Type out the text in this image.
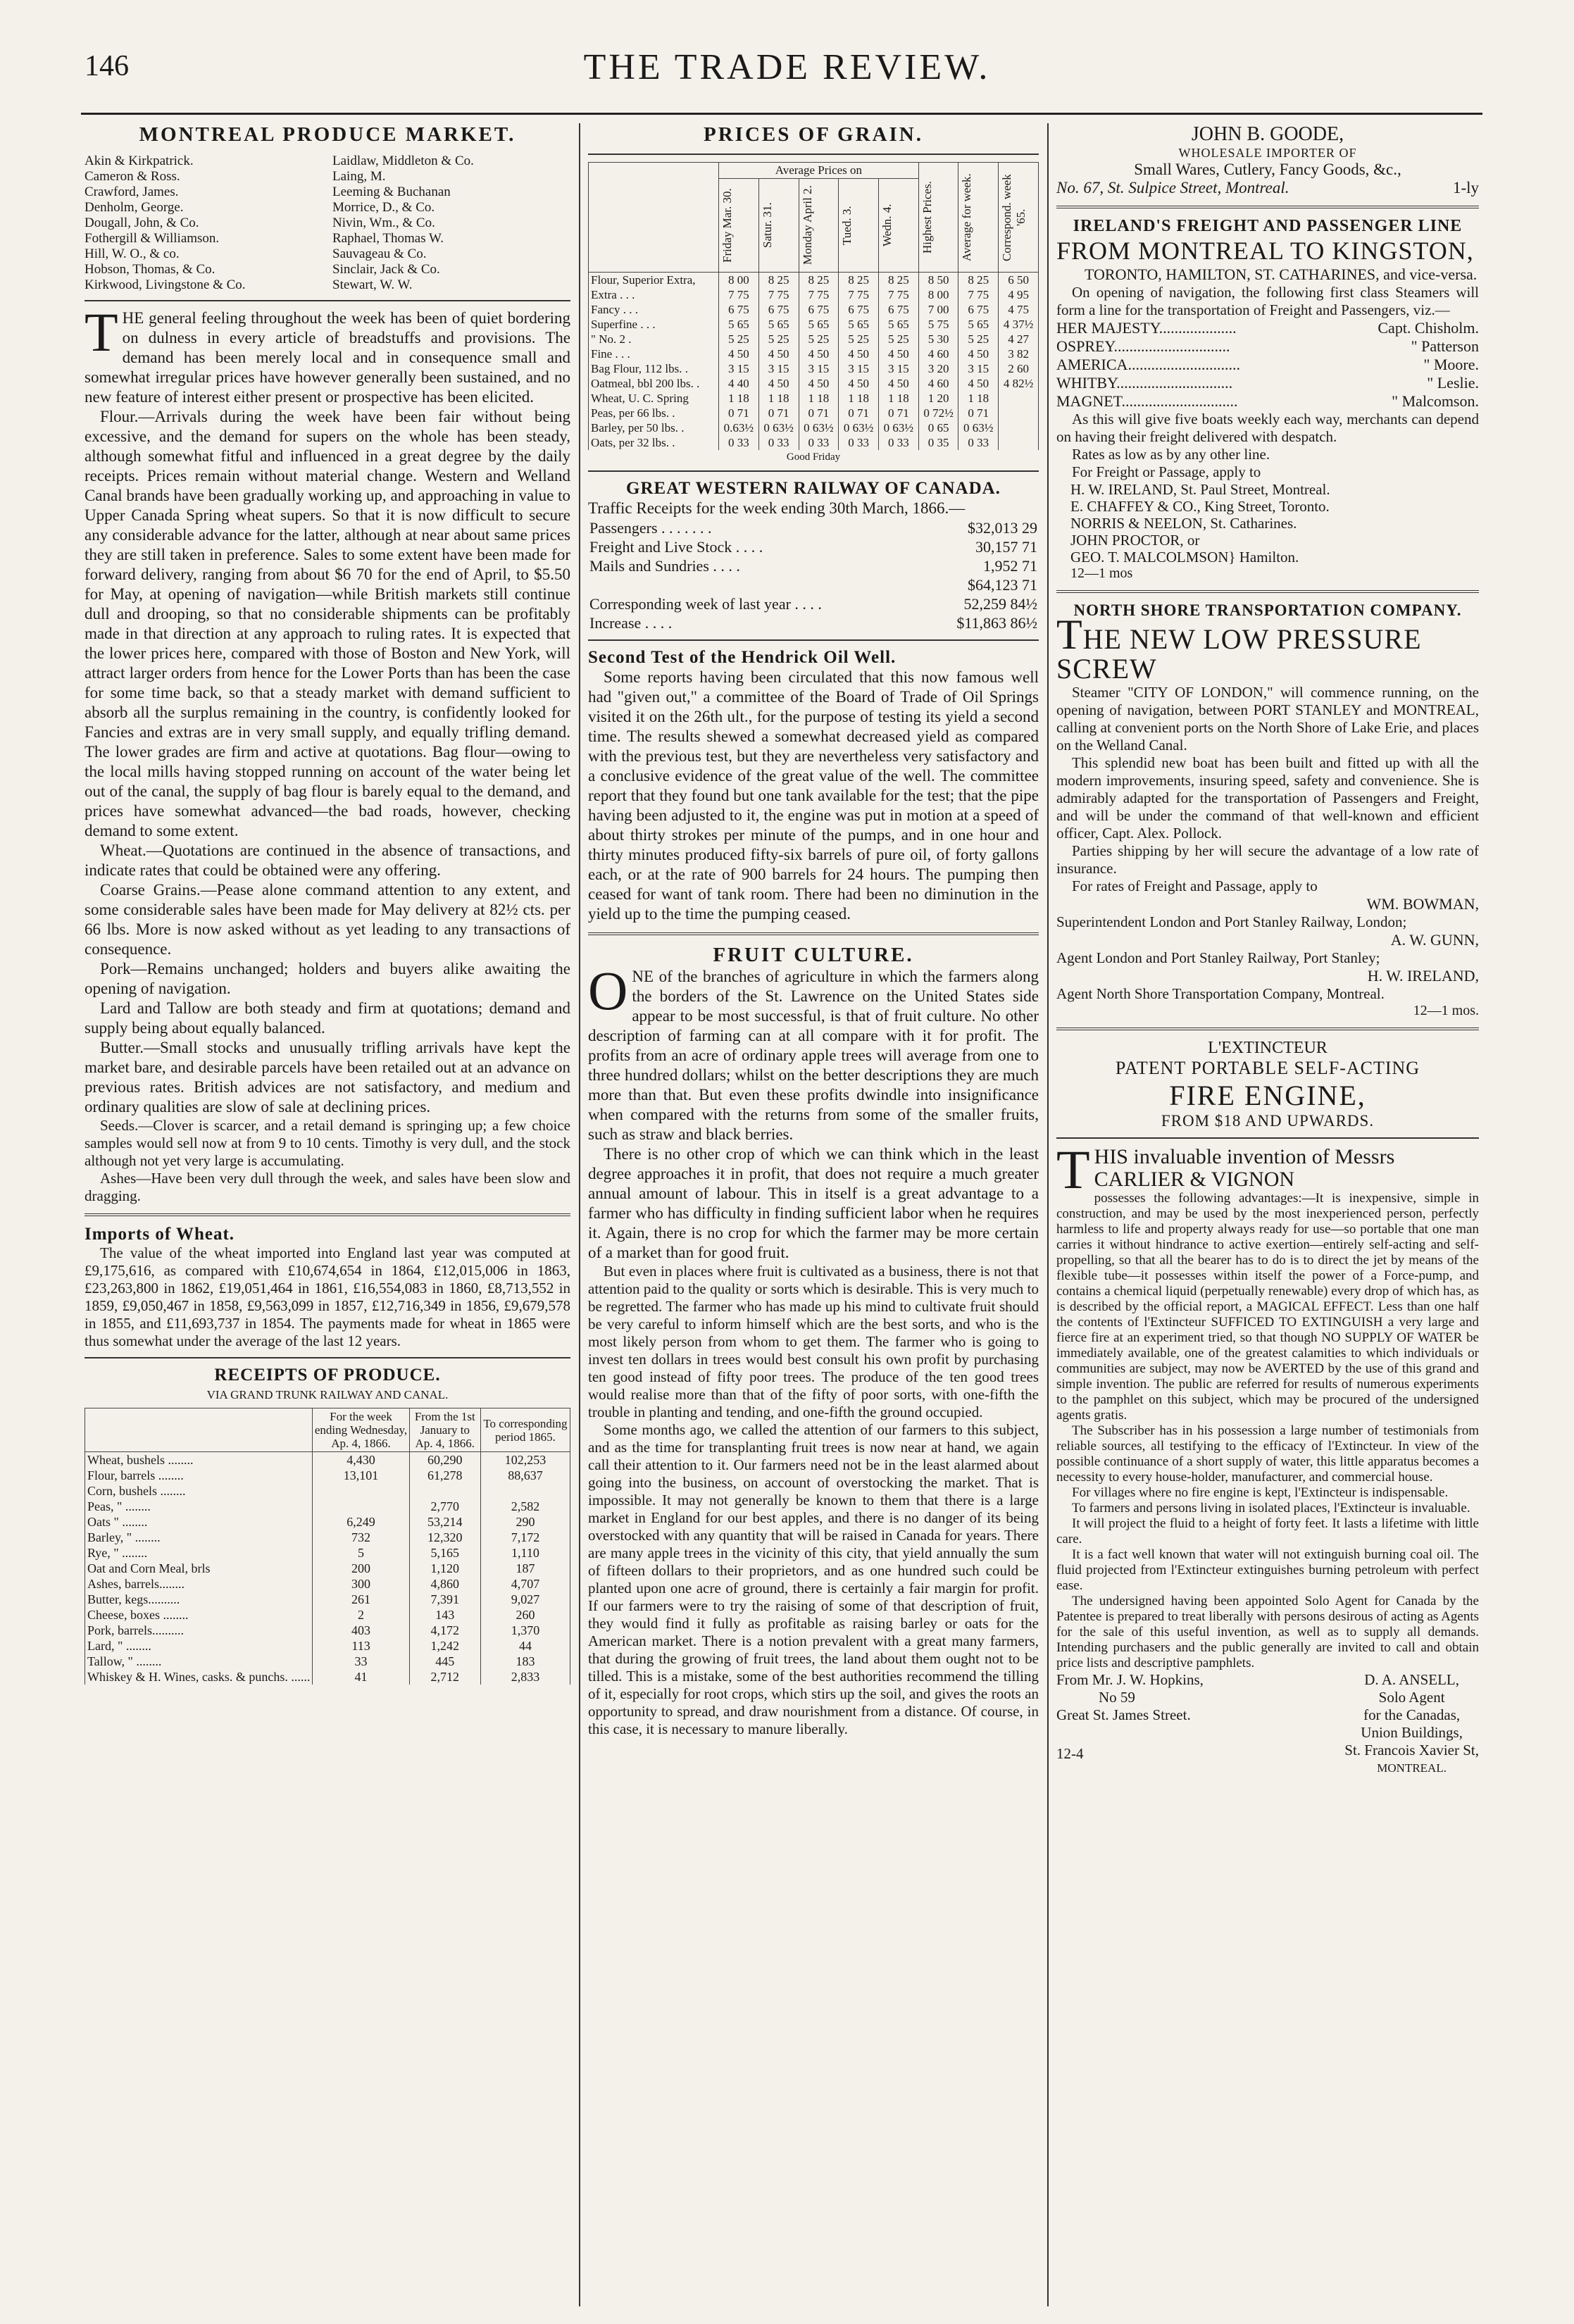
146	THE TRADE REVIEW.
MONTREAL PRODUCE MARKET.
Akin & Kirkpatrick.
Cameron & Ross.
Crawford, James.
Denholm, George.
Dougall, John, & Co.
Fothergill & Williamson.
Hill, W. O., & co.
Hobson, Thomas, & Co.
Kirkwood, Livingstone & Co.
Laidlaw, Middleton & Co.
Laing, M.
Leeming & Buchanan
Morrice, D., & Co.
Nivin, Wm., & Co.
Raphael, Thomas W.
Sauvageau & Co.
Sinclair, Jack & Co.
Stewart, W. W.

THE general feeling throughout the week has been of quiet bordering on dulness in every article of breadstuffs and provisions. The demand has been merely local and in consequence small and somewhat irregular prices have however generally been sustained, and no new feature of interest either present or prospective has been elicited.

Flour.—Arrivals during the week have been fair without being excessive, and the demand for supers on the whole has been steady, although somewhat fitful and influenced in a great degree by the daily receipts. Prices remain without material change. Western and Welland Canal brands have been gradually working up, and approaching in value to Upper Canada Spring wheat supers. So that it is now difficult to secure any considerable advance for the latter, although at near about same prices they are still taken in preference. Sales to some extent have been made for forward delivery, ranging from about $6 70 for the end of April, to $5.50 for May, at opening of navigation—while British markets still continue dull and drooping, so that no considerable shipments can be profitably made in that direction at any approach to ruling rates. It is expected that the lower prices here, compared with those of Boston and New York, will attract larger orders from hence for the Lower Ports than has been the case for some time back, so that a steady market with demand sufficient to absorb all the surplus remaining in the country, is confidently looked for Fancies and extras are in very small supply, and equally trifling demand. The lower grades are firm and active at quotations. Bag flour—owing to the local mills having stopped running on account of the water being let out of the canal, the supply of bag flour is barely equal to the demand, and prices have somewhat advanced—the bad roads, however, checking demand to some extent.

Wheat.—Quotations are continued in the absence of transactions, and indicate rates that could be obtained were any offering.

Coarse Grains.—Pease alone command attention to any extent, and some considerable sales have been made for May delivery at 82½ cts. per 66 lbs. More is now asked without as yet leading to any transactions of consequence.

Pork—Remains unchanged; holders and buyers alike awaiting the opening of navigation.

Lard and Tallow are both steady and firm at quotations; demand and supply being about equally balanced.

Butter.—Small stocks and unusually trifling arrivals have kept the market bare, and desirable parcels have been retailed out at an advance on previous rates. British advices are not satisfactory, and medium and ordinary qualities are slow of sale at declining prices.

Seeds.—Clover is scarcer, and a retail demand is springing up; a few choice samples would sell now at from 9 to 10 cents. Timothy is very dull, and the stock although not yet very large is accumulating.

Ashes—Have been very dull through the week, and sales have been slow and dragging.

Imports of Wheat.

The value of the wheat imported into England last year was computed at £9,175,616, as compared with £10,674,654 in 1864, £12,015,006 in 1863, £23,263,800 in 1862, £19,051,464 in 1861, £16,554,083 in 1860, £8,713,552 in 1859, £9,050,467 in 1858, £9,563,099 in 1857, £12,716,349 in 1856, £9,679,578 in 1855, and £11,693,737 in 1854. The payments made for wheat in 1865 were thus somewhat under the average of the last 12 years.

RECEIPTS OF PRODUCE.
VIA GRAND TRUNK RAILWAY AND CANAL.
	For the week ending Wednesday, Ap. 4, 1866.	From the 1st January to Ap. 4, 1866.	To corresponding period 1865.
Wheat, bushels ........	4,430	60,290	102,253
Flour, barrels ........	13,101	61,278	88,637
Corn, bushels ........			
Peas, " ........		2,770	2,582
Oats " ........	6,249	53,214	290
Barley, " ........	732	12,320	7,172
Rye, " ........	5	5,165	1,110
Oat and Corn Meal, brls	200	1,120	187
Ashes, barrels........	300	4,860	4,707
Butter, kegs..........	261	7,391	9,027
Cheese, boxes ........	2	143	260
Pork, barrels..........	403	4,172	1,370
Lard, " ........	113	1,242	44
Tallow, " ........	33	445	183
Whiskey & H. Wines, casks. & punchs. ......	41	2,712	2,833
PRICES OF GRAIN.
	Average Prices on					Highest Prices.	Average for week.	Correspond. week '65.

	Friday Mar. 30.	Satur. 31.	Monday April 2.	Tued. 3.	Wedn. 4.			

Flour, Superior Extra,	8 00	8 25	8 25	8 25	8 25	8 50	8 25	6 50
Extra . . .	7 75	7 75	7 75	7 75	7 75	8 00	7 75	4 95
Fancy . . .	6 75	6 75	6 75	6 75	6 75	7 00	6 75	4 75
Superfine . . .	5 65	5 65	5 65	5 65	5 65	5 75	5 65	4 37½
" No. 2 .	5 25	5 25	5 25	5 25	5 25	5 30	5 25	4 27
Fine . . .	4 50	4 50	4 50	4 50	4 50	4 60	4 50	3 82
Bag Flour, 112 lbs. .	3 15	3 15	3 15	3 15	3 15	3 20	3 15	2 60
Oatmeal, bbl 200 lbs. .	4 40	4 50	4 50	4 50	4 50	4 60	4 50	4 82½
Wheat, U. C. Spring	1 18	1 18	1 18	1 18	1 18	1 20	1 18	
Peas, per 66 lbs. .	0 71	0 71	0 71	0 71	0 71	0 72½	0 71	
Barley, per 50 lbs. .	0.63½	0 63½	0 63½	0 63½	0 63½	0 65	0 63½	
Oats, per 32 lbs. .	0 33	0 33	0 33	0 33	0 33	0 35	0 33	
Good Friday
GREAT WESTERN RAILWAY OF CANADA.

Traffic Receipts for the week ending 30th March, 1866.—

Passengers . . . . . . .	$32,013 29
Freight and Live Stock . . . .	30,157 71
Mails and Sundries . . . .	1,952 71
	$64,123 71
Corresponding week of last year . . . .	52,259 84½
Increase . . . .	$11,863 86½
Second Test of the Hendrick Oil Well.

Some reports having been circulated that this now famous well had "given out," a committee of the Board of Trade of Oil Springs visited it on the 26th ult., for the purpose of testing its yield a second time. The results shewed a somewhat decreased yield as compared with the previous test, but they are nevertheless very satisfactory and a conclusive evidence of the great value of the well. The committee report that they found but one tank available for the test; that the pipe having been adjusted to it, the engine was put in motion at a speed of about thirty strokes per minute of the pumps, and in one hour and thirty minutes produced fifty-six barrels of pure oil, of forty gallons each, or at the rate of 900 barrels for 24 hours. The pumping then ceased for want of tank room. There had been no diminution in the yield up to the time the pumping ceased.

FRUIT CULTURE.

ONE of the branches of agriculture in which the farmers along the borders of the St. Lawrence on the United States side appear to be most successful, is that of fruit culture. No other description of farming can at all compare with it for profit. The profits from an acre of ordinary apple trees will average from one to three hundred dollars; whilst on the better descriptions they are much more than that. But even these profits dwindle into insignificance when compared with the returns from some of the smaller fruits, such as straw and black berries.

There is no other crop of which we can think which in the least degree approaches it in profit, that does not require a much greater annual amount of labour. This in itself is a great advantage to a farmer who has difficulty in finding sufficient labor when he requires it. Again, there is no crop for which the farmer may be more certain of a market than for good fruit.

But even in places where fruit is cultivated as a business, there is not that attention paid to the quality or sorts which is desirable. This is very much to be regretted. The farmer who has made up his mind to cultivate fruit should be very careful to inform himself which are the best sorts, and who is the most likely person from whom to get them. The farmer who is going to invest ten dollars in trees would best consult his own profit by purchasing ten good instead of fifty poor trees. The produce of the ten good trees would realise more than that of the fifty of poor sorts, with one-fifth the trouble in planting and tending, and one-fifth the ground occupied.

Some months ago, we called the attention of our farmers to this subject, and as the time for transplanting fruit trees is now near at hand, we again call their attention to it. Our farmers need not be in the least alarmed about going into the business, on account of overstocking the market. That is impossible. It may not generally be known to them that there is a large market in England for our best apples, and there is no danger of its being overstocked with any quantity that will be raised in Canada for years. There are many apple trees in the vicinity of this city, that yield annually the sum of fifteen dollars to their proprietors, and as one hundred such could be planted upon one acre of ground, there is certainly a fair margin for profit. If our farmers were to try the raising of some of that description of fruit, they would find it fully as profitable as raising barley or oats for the American market. There is a notion prevalent with a great many farmers, that during the growing of fruit trees, the land about them ought not to be tilled. This is a mistake, some of the best authorities recommend the tilling of it, especially for root crops, which stirs up the soil, and gives the roots an opportunity to spread, and draw nourishment from a distance. Of course, in this case, it is necessary to manure liberally.

JOHN B. GOODE,
WHOLESALE IMPORTER OF
Small Wares, Cutlery, Fancy Goods, &c.,
No. 67, St. Sulpice Street, Montreal.	1-ly
IRELAND'S FREIGHT AND PASSENGER LINE
FROM MONTREAL TO KINGSTON,
TORONTO, HAMILTON, ST. CATHARINES, and vice-versa.

On opening of navigation, the following first class Steamers will form a line for the transportation of Freight and Passengers, viz.—

HER MAJESTY....................	Capt. Chisholm.
OSPREY..............................	" Patterson
AMERICA.............................	" Moore.
WHITBY..............................	" Leslie.
MAGNET..............................	" Malcomson.

As this will give five boats weekly each way, merchants can depend on having their freight delivered with despatch.

Rates as low as by any other line.

For Freight or Passage, apply to

H. W. IRELAND, St. Paul Street, Montreal.
E. CHAFFEY & CO., King Street, Toronto.
NORRIS & NEELON, St. Catharines.
JOHN PROCTOR, or
GEO. T. MALCOLMSON} Hamilton.
12—1 mos
NORTH SHORE TRANSPORTATION COMPANY.
THE NEW LOW PRESSURE SCREW

Steamer "CITY OF LONDON," will commence running, on the opening of navigation, between PORT STANLEY and MONTREAL, calling at convenient ports on the North Shore of Lake Erie, and places on the Welland Canal.

This splendid new boat has been built and fitted up with all the modern improvements, insuring speed, safety and convenience. She is admirably adapted for the transportation of Passengers and Freight, and will be under the command of that well-known and efficient officer, Capt. Alex. Pollock.

Parties shipping by her will secure the advantage of a low rate of insurance.

For rates of Freight and Passage, apply to

WM. BOWMAN,
Superintendent London and Port Stanley Railway, London;
A. W. GUNN,
Agent London and Port Stanley Railway, Port Stanley;
H. W. IRELAND,
Agent North Shore Transportation Company, Montreal.
12—1 mos.
L'EXTINCTEUR
PATENT PORTABLE SELF-ACTING
FIRE ENGINE,
FROM $18 AND UPWARDS.
THIS invaluable invention of Messrs CARLIER & VIGNON

possesses the following advantages:—It is inexpensive, simple in construction, and may be used by the most inexperienced person, perfectly harmless to life and property always ready for use—so portable that one man carries it without hindrance to active exertion—entirely self-acting and self-propelling, so that all the bearer has to do is to direct the jet by means of the flexible tube—it possesses within itself the power of a Force-pump, and contains a chemical liquid (perpetually renewable) every drop of which has, as is described by the official report, a MAGICAL EFFECT. Less than one half the contents of l'Extincteur SUFFICED TO EXTINGUISH a very large and fierce fire at an experiment tried, so that though NO SUPPLY OF WATER be immediately available, one of the greatest calamities to which individuals or communities are subject, may now be AVERTED by the use of this grand and simple invention. The public are referred for results of numerous experiments to the pamphlet on this subject, which may be procured of the undersigned agents gratis.

The Subscriber has in his possession a large number of testimonials from reliable sources, all testifying to the efficacy of l'Extincteur. In view of the possible continuance of a short supply of water, this little apparatus becomes a necessity to every house-holder, manufacturer, and commercial house.

For villages where no fire engine is kept, l'Extincteur is indispensable.

To farmers and persons living in isolated places, l'Extincteur is invaluable.

It will project the fluid to a height of forty feet. It lasts a lifetime with little care.

It is a fact well known that water will not extinguish burning coal oil. The fluid projected from l'Extincteur extinguishes burning petroleum with perfect ease.

The undersigned having been appointed Solo Agent for Canada by the Patentee is prepared to treat liberally with persons desirous of acting as Agents for the sale of this useful invention, as well as to supply all demands. Intending purchasers and the public generally are invited to call and obtain price lists and descriptive pamphlets.

From Mr. J. W. Hopkins,
No 59
Great St. James Street.
12-4
D. A. ANSELL,
Solo Agent
for the Canadas,
Union Buildings,
St. Francois Xavier St,
MONTREAL.
